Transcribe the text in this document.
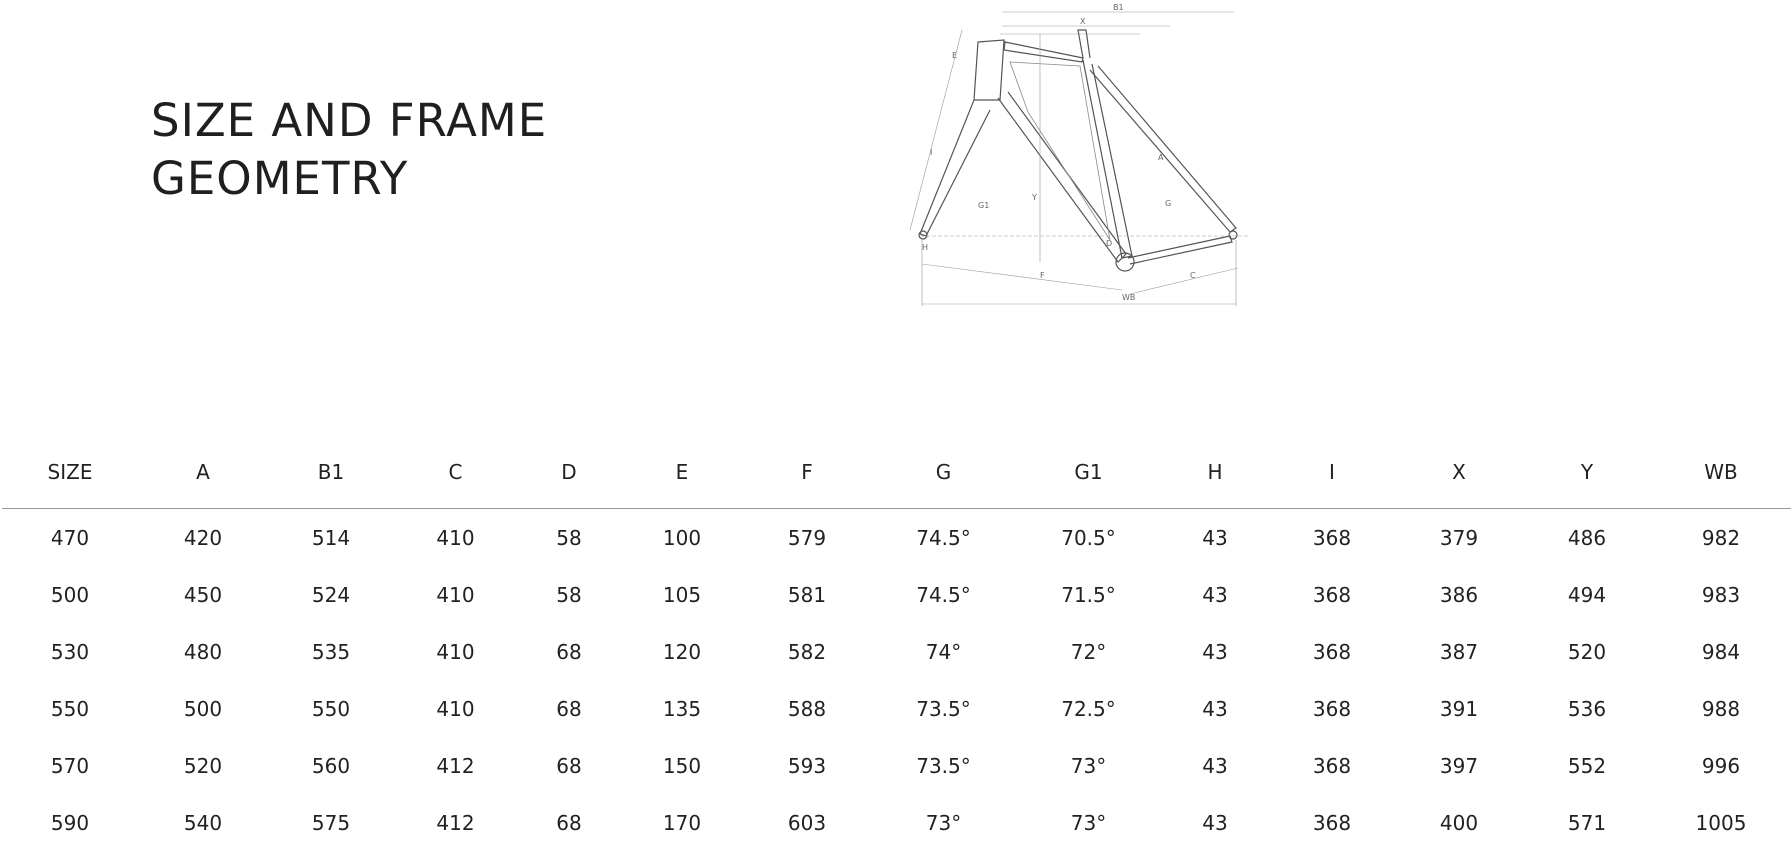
SIZE AND FRAME
GEOMETRY
B1
X
E
I
G1
Y
D
A
G
F	C
WB
H
SIZE	A	B1	C	D	E	F	G	G1	H	I	X	Y	WB
470	420	514	410	58	100	579	74.5°	70.5°	43	368	379	486	982
500	450	524	410	58	105	581	74.5°	71.5°	43	368	386	494	983
530	480	535	410	68	120	582	74°	72°	43	368	387	520	984
550	500	550	410	68	135	588	73.5°	72.5°	43	368	391	536	988
570	520	560	412	68	150	593	73.5°	73°	43	368	397	552	996
590	540	575	412	68	170	603	73°	73°	43	368	400	571	1005
